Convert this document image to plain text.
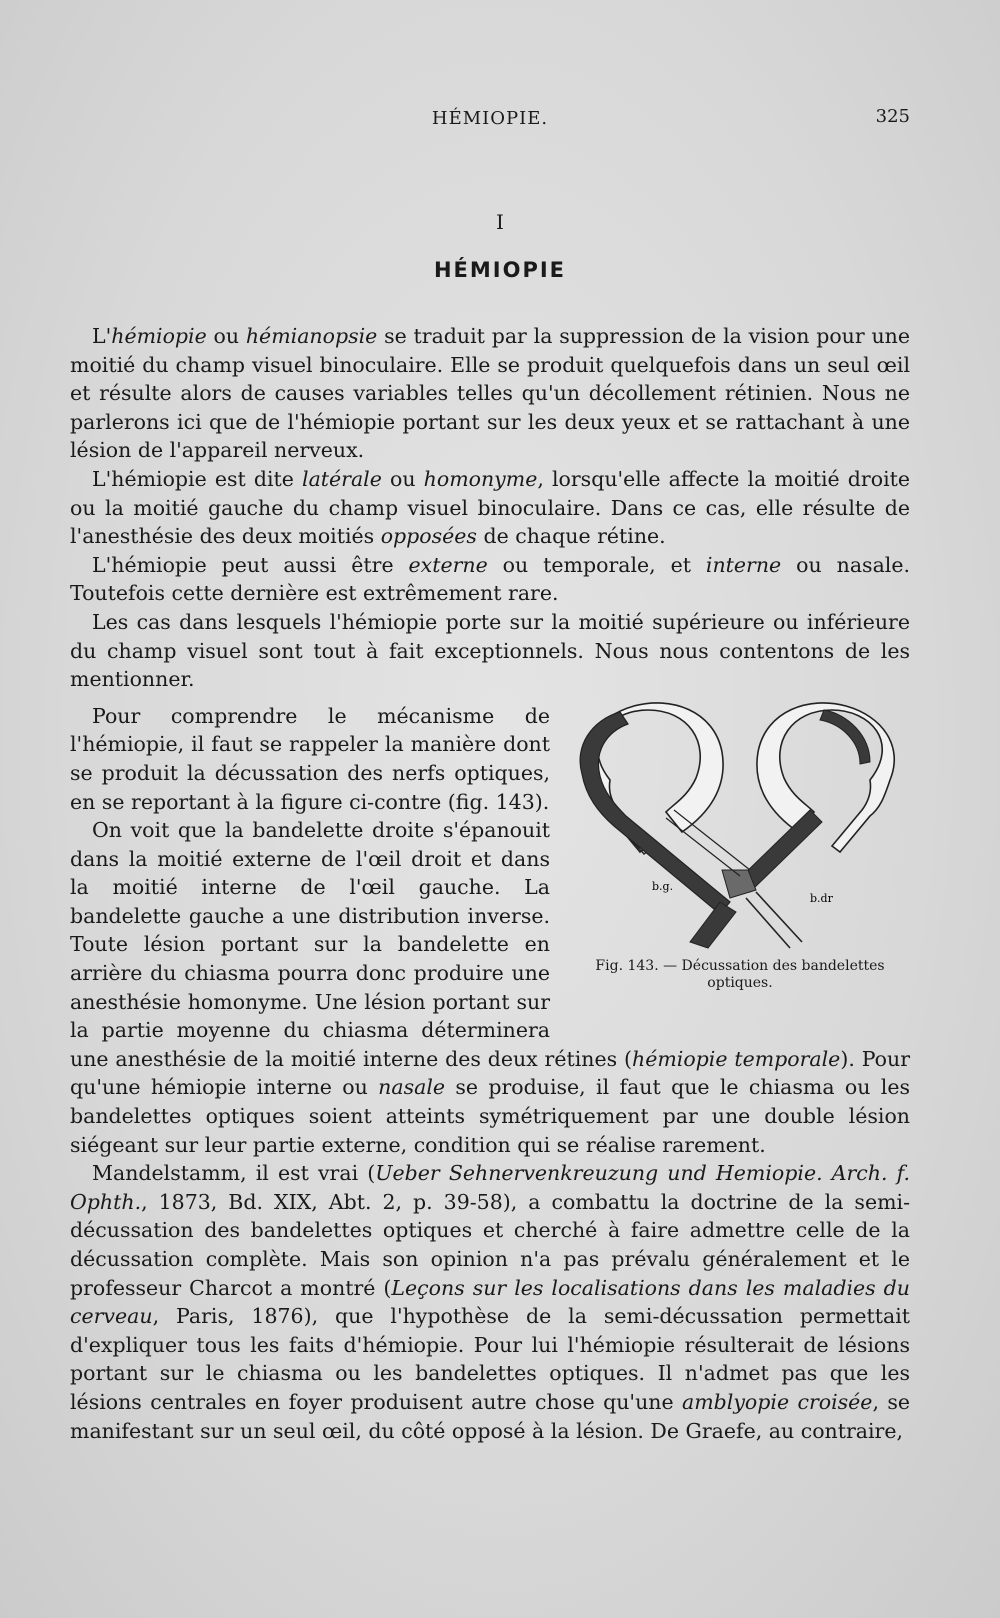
HÉMIOPIE.	325
I
HÉMIOPIE

L'hémiopie ou hémianopsie se traduit par la suppression de la vision pour une moitié du champ visuel binoculaire. Elle se produit quelquefois dans un seul œil et résulte alors de causes variables telles qu'un décollement rétinien. Nous ne parlerons ici que de l'hémiopie portant sur les deux yeux et se rattachant à une lésion de l'appareil nerveux.

L'hémiopie est dite latérale ou homonyme, lorsqu'elle affecte la moitié droite ou la moitié gauche du champ visuel binoculaire. Dans ce cas, elle résulte de l'anesthésie des deux moitiés opposées de chaque rétine.

L'hémiopie peut aussi être externe ou temporale, et interne ou nasale. Toutefois cette dernière est extrêmement rare.

Les cas dans lesquels l'hémiopie porte sur la moitié supérieure ou inférieure du champ visuel sont tout à fait exceptionnels. Nous nous contentons de les mentionner.

b.g.
b.dr
Fig. 143. — Décussation des bandelettes optiques.

Pour comprendre le mécanisme de l'hémiopie, il faut se rappeler la manière dont se produit la décussation des nerfs optiques, en se reportant à la figure ci-contre (fig. 143).

On voit que la bandelette droite s'épanouit dans la moitié externe de l'œil droit et dans la moitié interne de l'œil gauche. La bandelette gauche a une distribution inverse. Toute lésion portant sur la bandelette en arrière du chiasma pourra donc produire une anesthésie homonyme. Une lésion portant sur la partie moyenne du chiasma déterminera une anesthésie de la moitié interne des deux rétines (hémiopie temporale). Pour qu'une hémiopie interne ou nasale se produise, il faut que le chiasma ou les bandelettes optiques soient atteints symétriquement par une double lésion siégeant sur leur partie externe, condition qui se réalise rarement.

Mandelstamm, il est vrai (Ueber Sehnervenkreuzung und Hemiopie. Arch. f. Ophth., 1873, Bd. XIX, Abt. 2, p. 39-58), a combattu la doctrine de la semi-décussation des bandelettes optiques et cherché à faire admettre celle de la décussation complète. Mais son opinion n'a pas prévalu généralement et le professeur Charcot a montré (Leçons sur les localisations dans les maladies du cerveau, Paris, 1876), que l'hypothèse de la semi-décussation permettait d'expliquer tous les faits d'hémiopie. Pour lui l'hémiopie résulterait de lésions portant sur le chiasma ou les bandelettes optiques. Il n'admet pas que les lésions centrales en foyer produisent autre chose qu'une amblyopie croisée, se manifestant sur un seul œil, du côté opposé à la lésion. De Graefe, au contraire,
